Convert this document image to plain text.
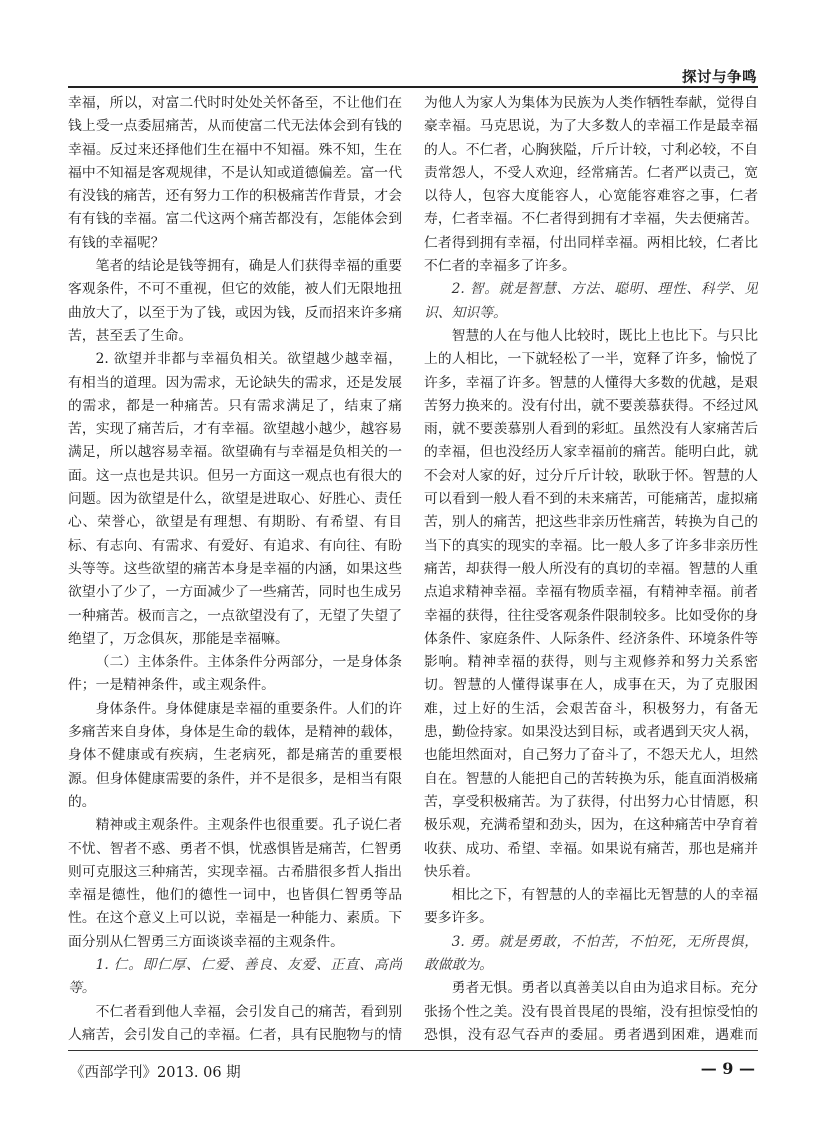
探讨与争鸣

幸福，所以，对富二代时时处处关怀备至，不让他们在钱上受一点委屈痛苦，从而使富二代无法体会到有钱的幸福。反过来还择他们生在福中不知福。殊不知，生在福中不知福是客观规律，不是认知或道德偏差。富一代有没钱的痛苦，还有努力工作的积极痛苦作背景，才会有有钱的幸福。富二代这两个痛苦都没有，怎能体会到有钱的幸福呢？

笔者的结论是钱等拥有，确是人们获得幸福的重要客观条件，不可不重视，但它的效能，被人们无限地扭曲放大了，以至于为了钱，或因为钱，反而招来许多痛苦，甚至丢了生命。

2. 欲望并非都与幸福负相关。欲望越少越幸福，有相当的道理。因为需求，无论缺失的需求，还是发展的需求，都是一种痛苦。只有需求满足了，结束了痛苦，实现了痛苦后，才有幸福。欲望越小越少，越容易满足，所以越容易幸福。欲望确有与幸福是负相关的一面。这一点也是共识。但另一方面这一观点也有很大的问题。因为欲望是什么，欲望是进取心、好胜心、责任心、荣誉心，欲望是有理想、有期盼、有希望、有目标、有志向、有需求、有爱好、有追求、有向往、有盼头等等。这些欲望的痛苦本身是幸福的内涵，如果这些欲望小了少了，一方面减少了一些痛苦，同时也生成另一种痛苦。极而言之，一点欲望没有了，无望了失望了绝望了，万念俱灰，那能是幸福嘛。

（二）主体条件。主体条件分两部分，一是身体条件；一是精神条件，或主观条件。

身体条件。身体健康是幸福的重要条件。人们的许多痛苦来自身体，身体是生命的载体，是精神的载体，身体不健康或有疾病，生老病死，都是痛苦的重要根源。但身体健康需要的条件，并不是很多，是相当有限的。

精神或主观条件。主观条件也很重要。孔子说仁者不忧、智者不惑、勇者不惧，忧惑惧皆是痛苦，仁智勇则可克服这三种痛苦，实现幸福。古希腊很多哲人指出幸福是德性，他们的德性一词中，也皆俱仁智勇等品性。在这个意义上可以说，幸福是一种能力、素质。下面分别从仁智勇三方面谈谈幸福的主观条件。

1. 仁。即仁厚、仁爱、善良、友爱、正直、高尚等。

不仁者看到他人幸福，会引发自己的痛苦，看到别人痛苦，会引发自己的幸福。仁者，具有民胞物与的情

为他人为家人为集体为民族为人类作牺牲奉献，觉得自豪幸福。马克思说，为了大多数人的幸福工作是最幸福的人。不仁者，心胸狭隘，斤斤计较，寸利必较，不自责常怨人，不受人欢迎，经常痛苦。仁者严以责己，宽以待人，包容大度能容人，心宽能容难容之事，仁者寿，仁者幸福。不仁者得到拥有才幸福，失去便痛苦。仁者得到拥有幸福，付出同样幸福。两相比较，仁者比不仁者的幸福多了许多。

2. 智。就是智慧、方法、聪明、理性、科学、见识、知识等。

智慧的人在与他人比较时，既比上也比下。与只比上的人相比，一下就轻松了一半，宽释了许多，愉悦了许多，幸福了许多。智慧的人懂得大多数的优越，是艰苦努力换来的。没有付出，就不要羡慕获得。不经过风雨，就不要羡慕别人看到的彩虹。虽然没有人家痛苦后的幸福，但也没经历人家幸福前的痛苦。能明白此，就不会对人家的好，过分斤斤计较，耿耿于怀。智慧的人可以看到一般人看不到的未来痛苦，可能痛苦，虚拟痛苦，别人的痛苦，把这些非亲历性痛苦，转换为自己的当下的真实的现实的幸福。比一般人多了许多非亲历性痛苦，却获得一般人所没有的真切的幸福。智慧的人重点追求精神幸福。幸福有物质幸福，有精神幸福。前者幸福的获得，往往受客观条件限制较多。比如受你的身体条件、家庭条件、人际条件、经济条件、环境条件等影响。精神幸福的获得，则与主观修养和努力关系密切。智慧的人懂得谋事在人，成事在天，为了克服困难，过上好的生活，会艰苦奋斗，积极努力，有备无患，勤俭持家。如果没达到目标，或者遇到天灾人祸，也能坦然面对，自己努力了奋斗了，不怨天尤人，坦然自在。智慧的人能把自己的苦转换为乐，能直面消极痛苦，享受积极痛苦。为了获得，付出努力心甘情愿，积极乐观，充满希望和劲头，因为，在这种痛苦中孕育着收获、成功、希望、幸福。如果说有痛苦，那也是痛并快乐着。

相比之下，有智慧的人的幸福比无智慧的人的幸福要多许多。

3. 勇。就是勇敢，不怕苦，不怕死，无所畏惧，敢做敢为。

勇者无惧。勇者以真善美以自由为追求目标。充分张扬个性之美。没有畏首畏尾的畏缩，没有担惊受怕的恐惧，没有忍气吞声的委屈。勇者遇到困难，遇难而

《西部学刊》2013. 06 期	— 9 —
